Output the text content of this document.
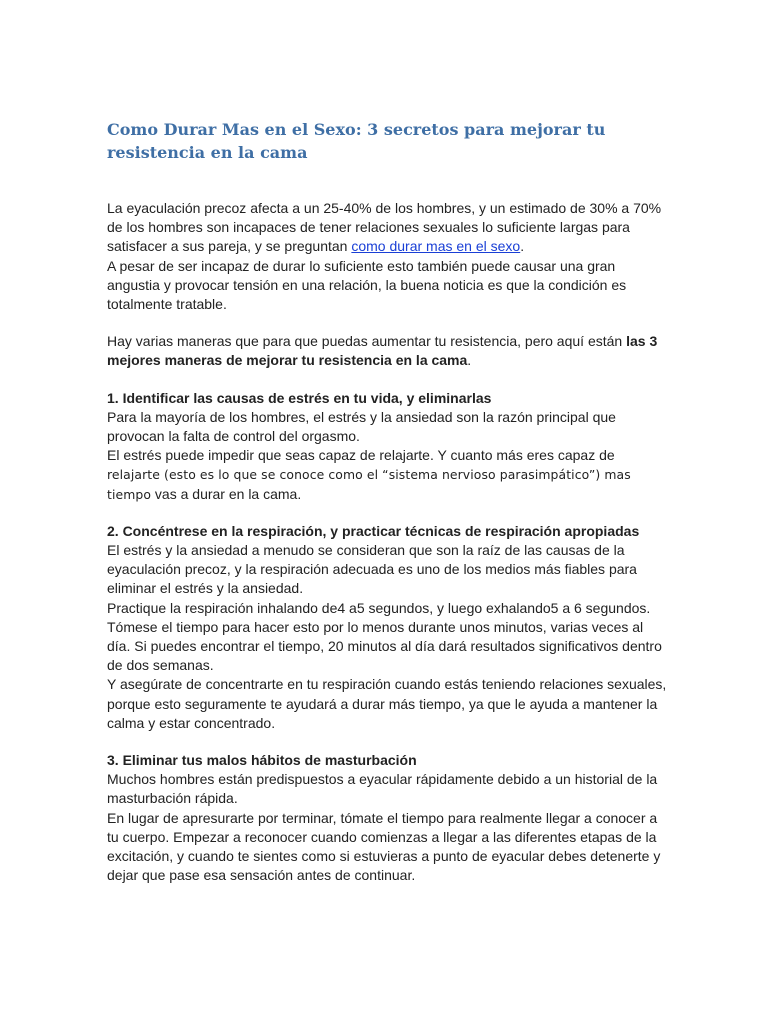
Como Durar Mas en el Sexo: 3 secretos para mejorar tu resistencia en la cama

La eyaculación precoz afecta a un 25-40% de los hombres, y un estimado de 30% a 70% de los hombres son incapaces de tener relaciones sexuales lo suficiente largas para satisfacer a sus pareja, y se preguntan como durar mas en el sexo.

A pesar de ser incapaz de durar lo suficiente esto también puede causar una gran angustia y provocar tensión en una relación, la buena noticia es que la condición es totalmente tratable.

Hay varias maneras que para que puedas aumentar tu resistencia, pero aquí están las 3 mejores maneras de mejorar tu resistencia en la cama.

1. Identificar las causas de estrés en tu vida, y eliminarlas

Para la mayoría de los hombres, el estrés y la ansiedad son la razón principal que provocan la falta de control del orgasmo.

El estrés puede impedir que seas capaz de relajarte. Y cuanto más eres capaz de relajarte (esto es lo que se conoce como el “sistema nervioso parasimpático”) mas tiempo vas a durar en la cama.

2. Concéntrese en la respiración, y practicar técnicas de respiración apropiadas

El estrés y la ansiedad a menudo se consideran que son la raíz de las causas de la eyaculación precoz, y la respiración adecuada es uno de los medios más fiables para eliminar el estrés y la ansiedad.

Practique la respiración inhalando de4 a5 segundos, y luego exhalando5 a 6 segundos. Tómese el tiempo para hacer esto por lo menos durante unos minutos, varias veces al día. Si puedes encontrar el tiempo, 20 minutos al día dará resultados significativos dentro de dos semanas.

Y asegúrate de concentrarte en tu respiración cuando estás teniendo relaciones sexuales, porque esto seguramente te ayudará a durar más tiempo, ya que le ayuda a mantener la calma y estar concentrado.

3. Eliminar tus malos hábitos de masturbación

Muchos hombres están predispuestos a eyacular rápidamente debido a un historial de la masturbación rápida.

En lugar de apresurarte por terminar, tómate el tiempo para realmente llegar a conocer a tu cuerpo. Empezar a reconocer cuando comienzas a llegar a las diferentes etapas de la excitación, y cuando te sientes como si estuvieras a punto de eyacular debes detenerte y dejar que pase esa sensación antes de continuar.
